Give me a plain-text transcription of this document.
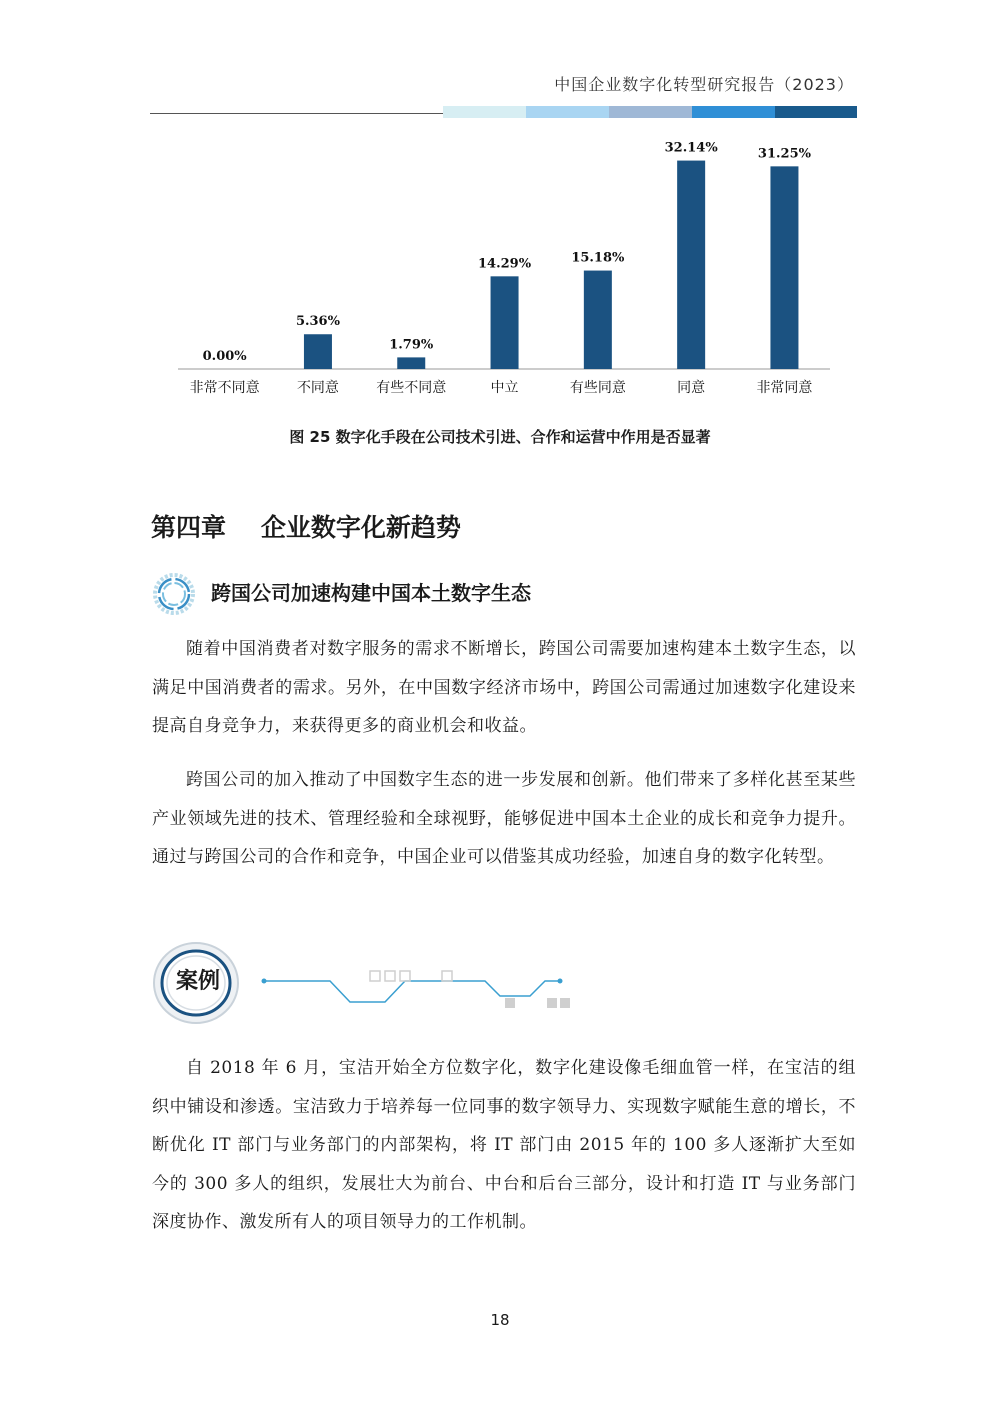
中国企业数字化转型研究报告（2023）
0.00%
非常不同意
5.36%
不同意
1.79%
有些不同意
14.29%
中立
15.18%
有些同意
32.14%
同意
31.25%
非常同意
图 25 数字化手段在公司技术引进、合作和运营中作用是否显著
第四章    企业数字化新趋势
跨国公司加速构建中国本土数字生态

随着中国消费者对数字服务的需求不断增长，跨国公司需要加速构建本土数字生态，以满足中国消费者的需求。另外，在中国数字经济市场中，跨国公司需通过加速数字化建设来提高自身竞争力，来获得更多的商业机会和收益。

跨国公司的加入推动了中国数字生态的进一步发展和创新。他们带来了多样化甚至某些产业领域先进的技术、管理经验和全球视野，能够促进中国本土企业的成长和竞争力提升。通过与跨国公司的合作和竞争，中国企业可以借鉴其成功经验，加速自身的数字化转型。

案例

自 2018 年 6 月，宝洁开始全方位数字化，数字化建设像毛细血管一样，在宝洁的组织中铺设和渗透。宝洁致力于培养每一位同事的数字领导力、实现数字赋能生意的增长，不断优化 IT 部门与业务部门的内部架构，将 IT 部门由 2015 年的 100 多人逐渐扩大至如今的 300 多人的组织，发展壮大为前台、中台和后台三部分，设计和打造 IT 与业务部门深度协作、激发所有人的项目领导力的工作机制。

18
